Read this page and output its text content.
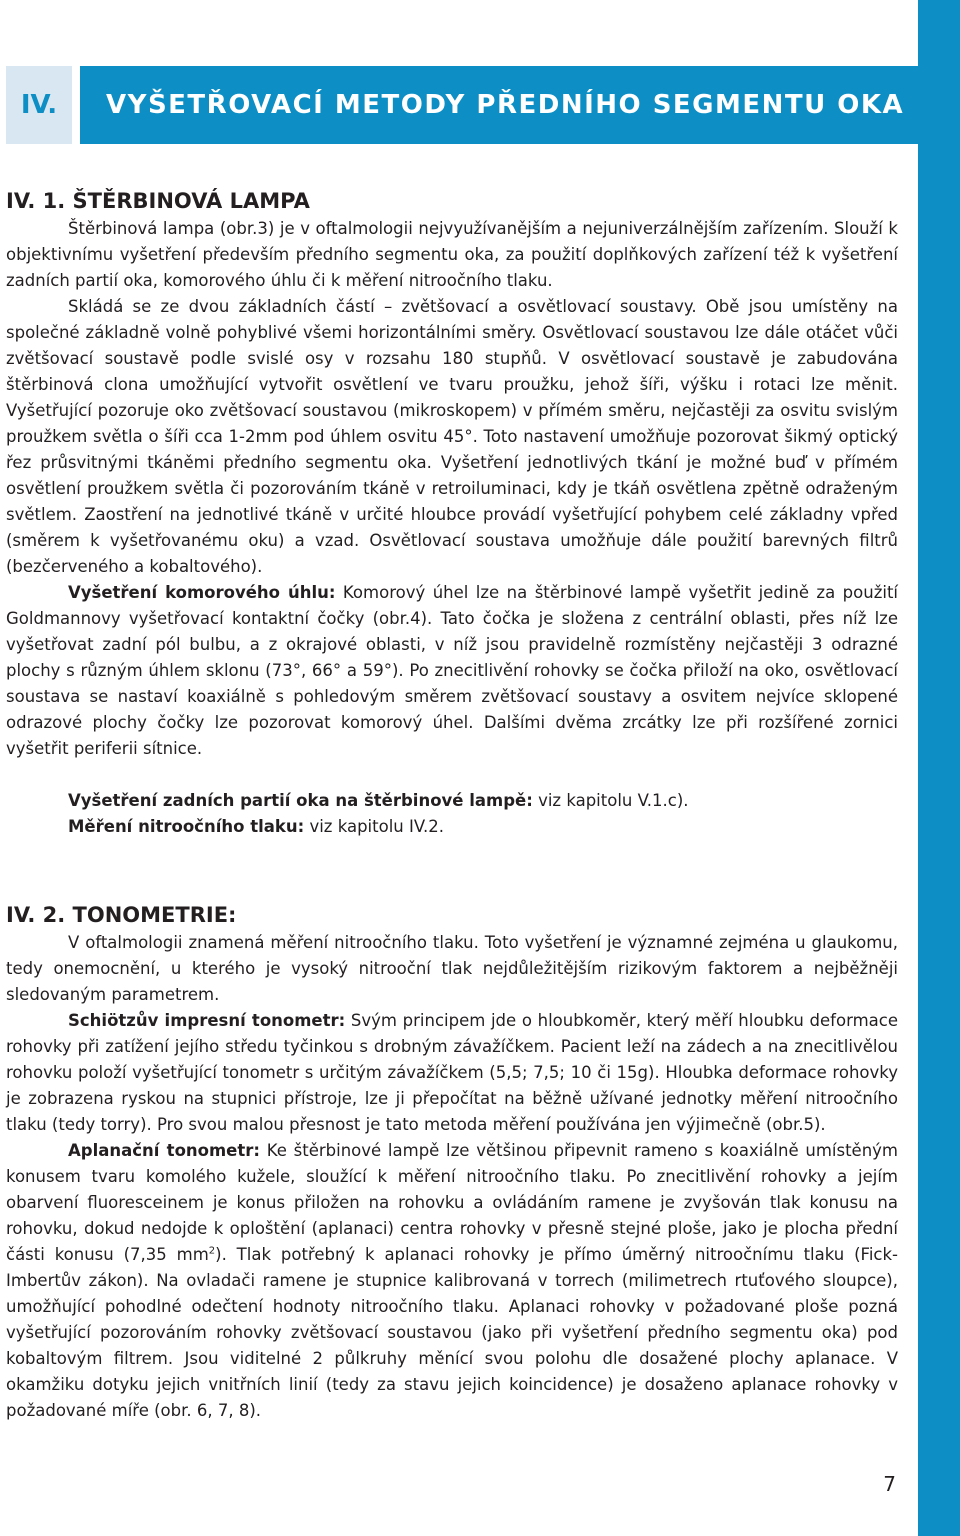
IV.	VYŠETŘOVACÍ METODY PŘEDNÍHO SEGMENTU OKA
IV. 1. ŠTĚRBINOVÁ LAMPA

Štěrbinová lampa (obr.3) je v oftalmologii nejvyužívanějším a nejuniverzálnějším zařízením. Slouží k objektivnímu vyšetření především předního segmentu oka, za použití doplňkových zařízení též k vyšetření zadních partií oka, komorového úhlu či k měření nitroočního tlaku.

Skládá se ze dvou základních částí – zvětšovací a osvětlovací soustavy. Obě jsou umístěny na společné základně volně pohyblivé všemi horizontálními směry. Osvětlovací soustavou lze dále otáčet vůči zvětšovací soustavě podle svislé osy v rozsahu 180 stupňů. V osvětlovací soustavě je zabudována štěrbinová clona umožňující vytvořit osvětlení ve tvaru proužku, jehož šíři, výšku i rotaci lze měnit. Vyšetřující pozoruje oko zvětšovací soustavou (mikroskopem) v přímém směru, nejčastěji za osvitu svislým proužkem světla o šíři cca 1-2mm pod úhlem osvitu 45°. Toto nastavení umožňuje pozorovat šikmý optický řez průsvitnými tkáněmi předního segmentu oka. Vyšetření jednotlivých tkání je možné buď v přímém osvětlení proužkem světla či pozorováním tkáně v retroiluminaci, kdy je tkáň osvětlena zpětně odraženým světlem. Zaostření na jednotlivé tkáně v určité hloubce provádí vyšetřující pohybem celé základny vpřed (směrem k vyšetřovanému oku) a vzad. Osvětlovací soustava umožňuje dále použití barevných filtrů (bezčerveného a kobaltového).

Vyšetření komorového úhlu: Komorový úhel lze na štěrbinové lampě vyšetřit jedině za použití Goldmannovy vyšetřovací kontaktní čočky (obr.4). Tato čočka je složena z centrální oblasti, přes níž lze vyšetřovat zadní pól bulbu, a z okrajové oblasti, v níž jsou pravidelně rozmístěny nejčastěji 3 odrazné plochy s různým úhlem sklonu (73°, 66° a 59°). Po znecitlivění rohovky se čočka přiloží na oko, osvětlovací soustava se nastaví koaxiálně s pohledovým směrem zvětšovací soustavy a osvitem nejvíce sklopené odrazové plochy čočky lze pozorovat komorový úhel. Dalšími dvěma zrcátky lze při rozšířené zornici vyšetřit periferii sítnice.

Vyšetření zadních partií oka na štěrbinové lampě: viz kapitolu V.1.c).

Měření nitroočního tlaku: viz kapitolu IV.2.

IV. 2. TONOMETRIE:

V oftalmologii znamená měření nitroočního tlaku. Toto vyšetření je významné zejména u glaukomu, tedy onemocnění, u kterého je vysoký nitrooční tlak nejdůležitějším rizikovým faktorem a nejběžněji sledovaným parametrem.

Schiötzův impresní tonometr: Svým principem jde o hloubkoměr, který měří hloubku deformace rohovky při zatížení jejího středu tyčinkou s drobným závažíčkem. Pacient leží na zádech a na znecitlivělou rohovku položí vyšetřující tonometr s určitým závažíčkem (5,5; 7,5; 10 či 15g). Hloubka deformace rohovky je zobrazena ryskou na stupnici přístroje, lze ji přepočítat na běžně užívané jednotky měření nitroočního tlaku (tedy torry). Pro svou malou přesnost je tato metoda měření používána jen výjimečně (obr.5).

Aplanační tonometr: Ke štěrbinové lampě lze většinou připevnit rameno s koaxiálně umístěným konusem tvaru komolého kužele, sloužící k měření nitroočního tlaku. Po znecitlivění rohovky a jejím obarvení fluoresceinem je konus přiložen na rohovku a ovládáním ramene je zvyšován tlak konusu na rohovku, dokud nedojde k oploštění (aplanaci) centra rohovky v přesně stejné ploše, jako je plocha přední části konusu (7,35 $mm^2$). Tlak potřebný k aplanaci rohovky je přímo úměrný nitroočnímu tlaku (Fick-Imbertův zákon). Na ovladači ramene je stupnice kalibrovaná v torrech (milimetrech rtuťového sloupce), umožňující pohodlné odečtení hodnoty nitroočního tlaku. Aplanaci rohovky v požadované ploše pozná vyšetřující pozorováním rohovky zvětšovací soustavou (jako při vyšetření předního segmentu oka) pod kobaltovým filtrem. Jsou viditelné 2 půlkruhy měnící svou polohu dle dosažené plochy aplanace. V okamžiku dotyku jejich vnitřních linií (tedy za stavu jejich koincidence) je dosaženo aplanace rohovky v požadované míře (obr. 6, 7, 8).

7
